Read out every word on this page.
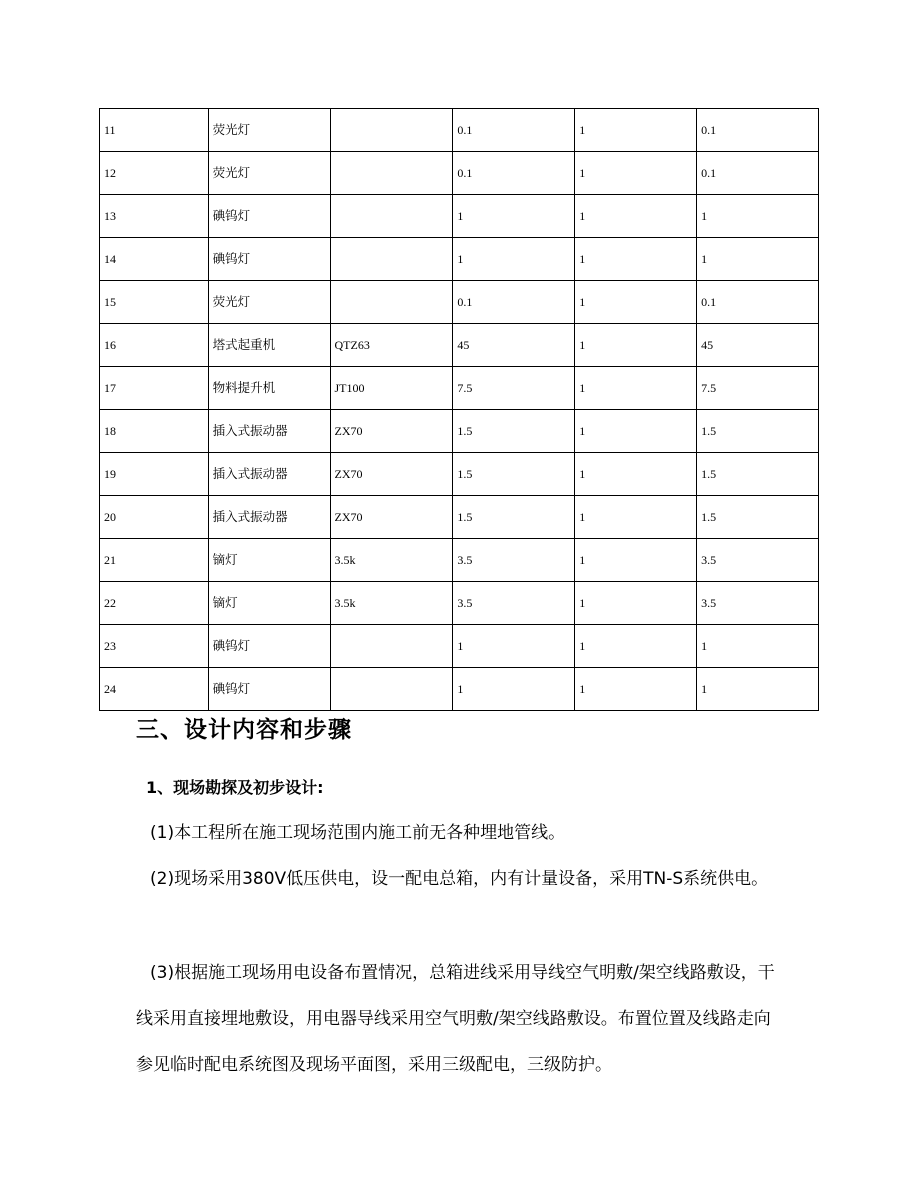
11	荧光灯		0.1	1	0.1
12	荧光灯		0.1	1	0.1
13	碘钨灯		1	1	1
14	碘钨灯		1	1	1
15	荧光灯		0.1	1	0.1
16	塔式起重机	QTZ63	45	1	45
17	物料提升机	JT100	7.5	1	7.5
18	插入式振动器	ZX70	1.5	1	1.5
19	插入式振动器	ZX70	1.5	1	1.5
20	插入式振动器	ZX70	1.5	1	1.5
21	镝灯	3.5k	3.5	1	3.5
22	镝灯	3.5k	3.5	1	3.5
23	碘钨灯		1	1	1
24	碘钨灯		1	1	1
三、设计内容和步骤
1、现场勘探及初步设计:

(1)本工程所在施工现场范围内施工前无各种埋地管线。

(2)现场采用380V低压供电，设一配电总箱，内有计量设备，采用TN-S系统供电。

(3)根据施工现场用电设备布置情况，总箱进线采用导线空气明敷/架空线路敷设，干线采用直接埋地敷设，用电器导线采用空气明敷/架空线路敷设。布置位置及线路走向参见临时配电系统图及现场平面图，采用三级配电，三级防护。
